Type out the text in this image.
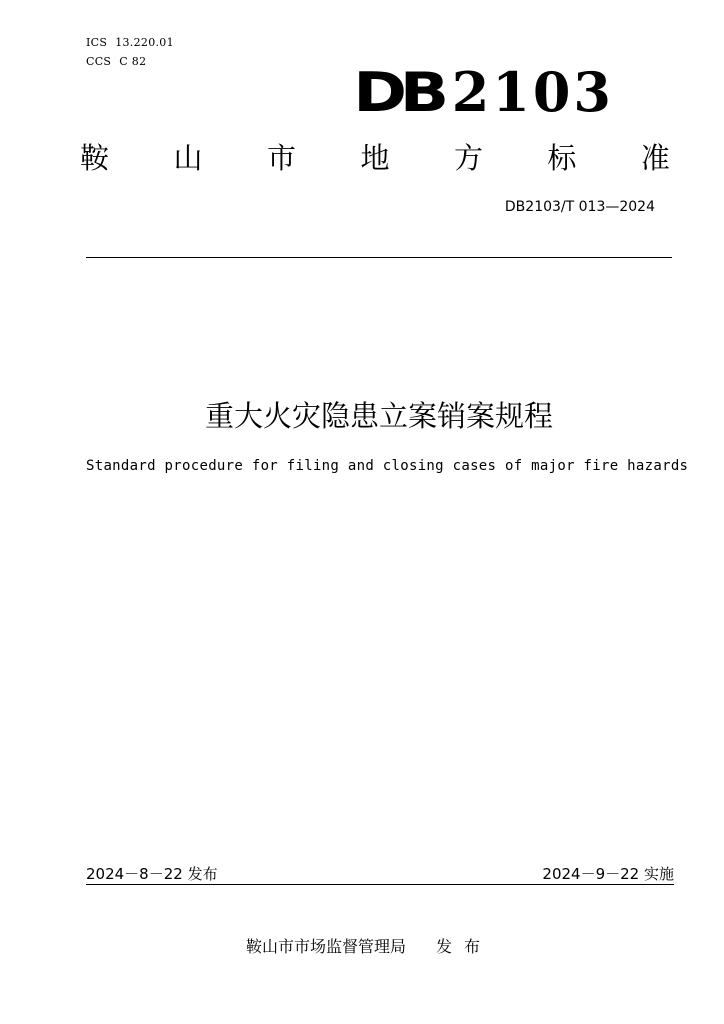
ICS 13.220.01
CCS C 82	DB 2103
鞍 山 市 地 方 标 准
DB2103/T 013—2024
重大火灾隐患立案销案规程
Standard procedure for filing and closing cases of major fire hazards
2024－8－22 发布	2024－9－22 实施
鞍山市市场监督管理局 发布
